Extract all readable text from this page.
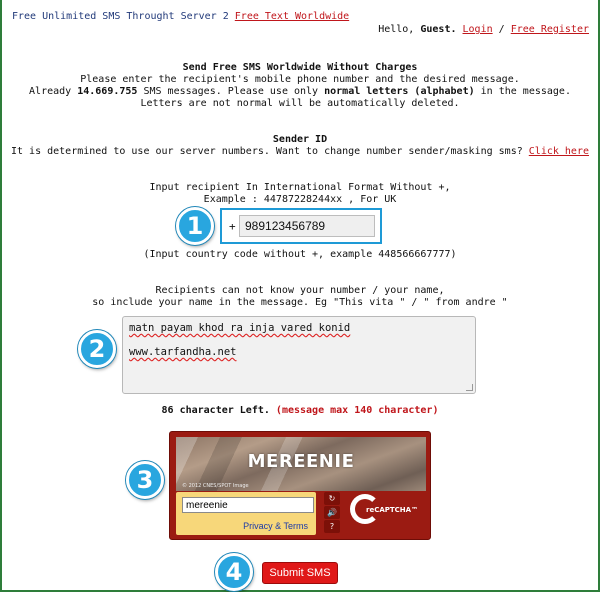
Free Unlimited SMS Throught Server 2 Free Text Worldwide
Hello, Guest. Login / Free Register
Send Free SMS Worldwide Without Charges
Please enter the recipient's mobile phone number and the desired message.
Already 14.669.755 SMS messages. Please use only normal letters (alphabet) in the message.
Letters are not normal will be automatically deleted.
Sender ID
It is determined to use our server numbers. Want to change number sender/masking sms? Click here
Input recipient In International Format Without +,
Example : 44787228244xx , For UK
1	+
989123456789
(Input country code without +, example 448566667777)
Recipients can not know your number / your name,
so include your name in the message. Eg "This vita " / " from andre "
2
matn payam khod ra inja vared konid
www.tarfandha.net
86 character Left. (message max 140 character)
3
MEREENIE
© 2012 CNES/SPOT Image
mereenie
Privacy & Terms
↻
🔊
?
reCAPTCHA™
4	Submit SMS
